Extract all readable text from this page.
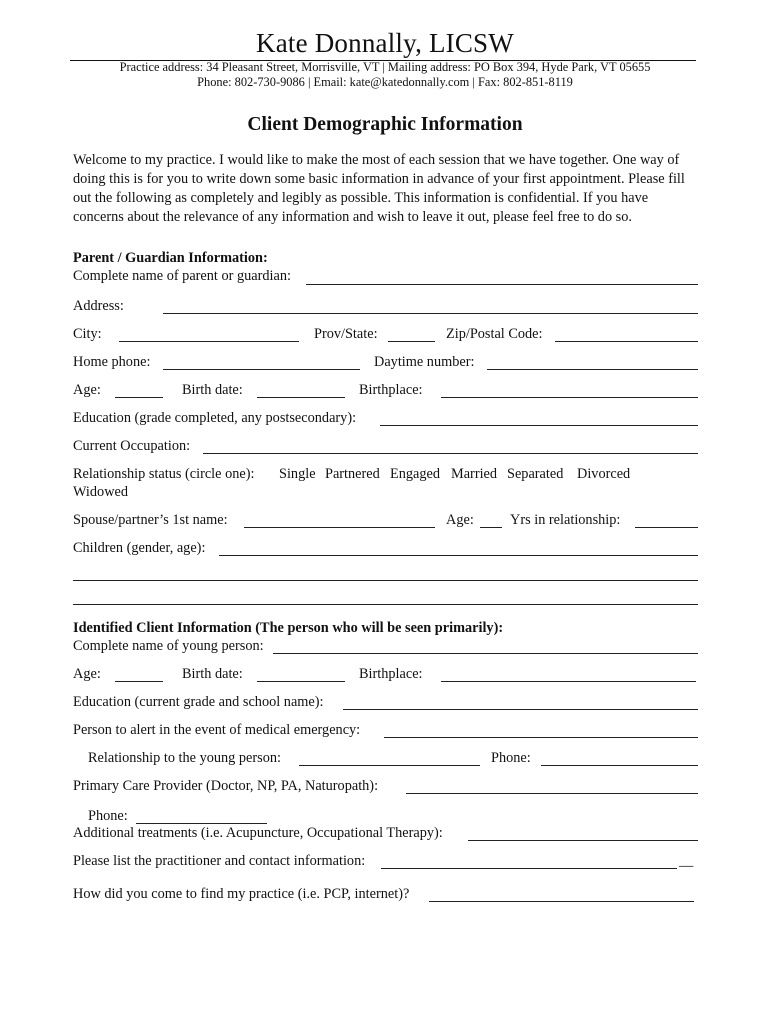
Kate Donnally, LICSW
Practice address: 34 Pleasant Street, Morrisville, VT | Mailing address: PO Box 394, Hyde Park, VT 05655
Phone: 802-730-9086 | Email: kate@katedonnally.com | Fax: 802-851-8119
Client Demographic Information
Welcome to my practice. I would like to make the most of each session that we have together. One way of doing this is for you to write down some basic information in advance of your first appointment. Please fill out the following as completely and legibly as possible. This information is confidential. If you have concerns about the relevance of any information and wish to leave it out, please feel free to do so.
Parent / Guardian Information:
Complete name of parent or guardian:
Address:
City:	Prov/State:	Zip/Postal Code:
Home phone:	Daytime number:
Age:	Birth date:	Birthplace:
Education (grade completed, any postsecondary):
Current Occupation:
Relationship status (circle one): Single Partnered Engaged Married Separated Divorced
Widowed
Spouse/partner’s 1st name:	Age:	Yrs in relationship:
Children (gender, age):
Identified Client Information (The person who will be seen primarily):
Complete name of young person:
Age:	Birth date:	Birthplace:
Education (current grade and school name):
Person to alert in the event of medical emergency:
Relationship to the young person:	Phone:
Primary Care Provider (Doctor, NP, PA, Naturopath):
Phone:
Additional treatments (i.e. Acupuncture, Occupational Therapy):
Please list the practitioner and contact information:	__
How did you come to find my practice (i.e. PCP, internet)?
